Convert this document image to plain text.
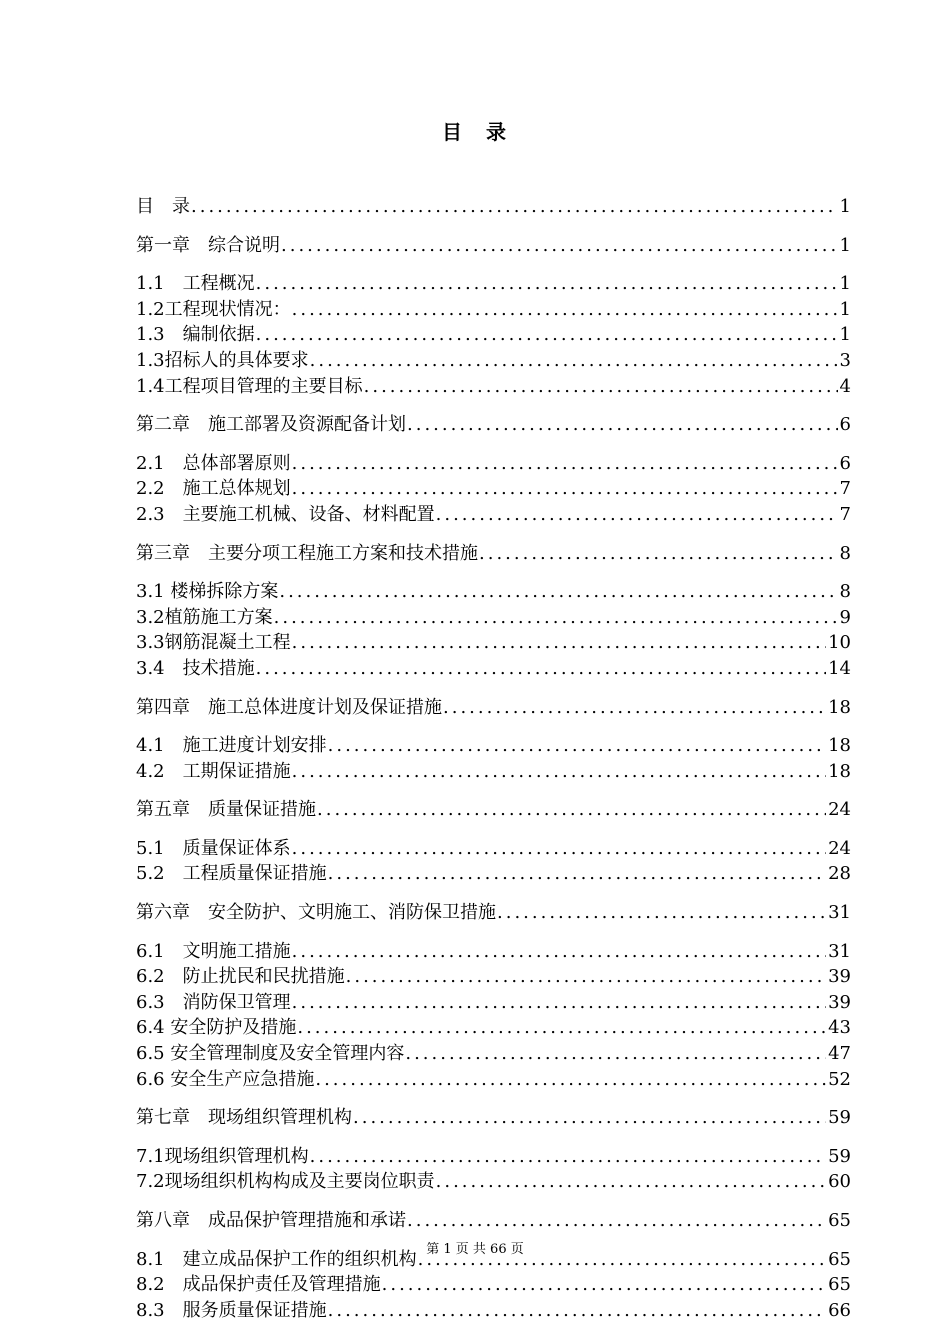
目　录
目　录 .....	1
第一章　综合说明 .....	1
1.1　工程概况 .....	1
1.2工程现状情况： .....	1
1.3　编制依据 .....	1
1.3招标人的具体要求 .....	3
1.4工程项目管理的主要目标 .....	4
第二章　施工部署及资源配备计划 .....	6
2.1　总体部署原则 .....	6
2.2　施工总体规划 .....	7
2.3　主要施工机械、设备、材料配置 .....	7
第三章　主要分项工程施工方案和技术措施 .....	8
3.1 楼梯拆除方案 .....	8
3.2植筋施工方案 .....	9
3.3钢筋混凝土工程 .....	10
3.4　技术措施 .....	14
第四章　施工总体进度计划及保证措施 .....	18
4.1　施工进度计划安排 .....	18
4.2　工期保证措施 .....	18
第五章　质量保证措施 .....	24
5.1　质量保证体系 .....	24
5.2　工程质量保证措施 .....	28
第六章　安全防护、文明施工、消防保卫措施 .....	31
6.1　文明施工措施 .....	31
6.2　防止扰民和民扰措施 .....	39
6.3　消防保卫管理 .....	39
6.4 安全防护及措施 .....	43
6.5 安全管理制度及安全管理内容 .....	47
6.6 安全生产应急措施 .....	52
第七章　现场组织管理机构 .....	59
7.1现场组织管理机构 .....	59
7.2现场组织机构构成及主要岗位职责 .....	60
第八章　成品保护管理措施和承诺 .....	65
8.1　建立成品保护工作的组织机构 .....	65
8.2　成品保护责任及管理措施 .....	65
8.3　服务质量保证措施 .....	66
第 1 页 共 66 页
